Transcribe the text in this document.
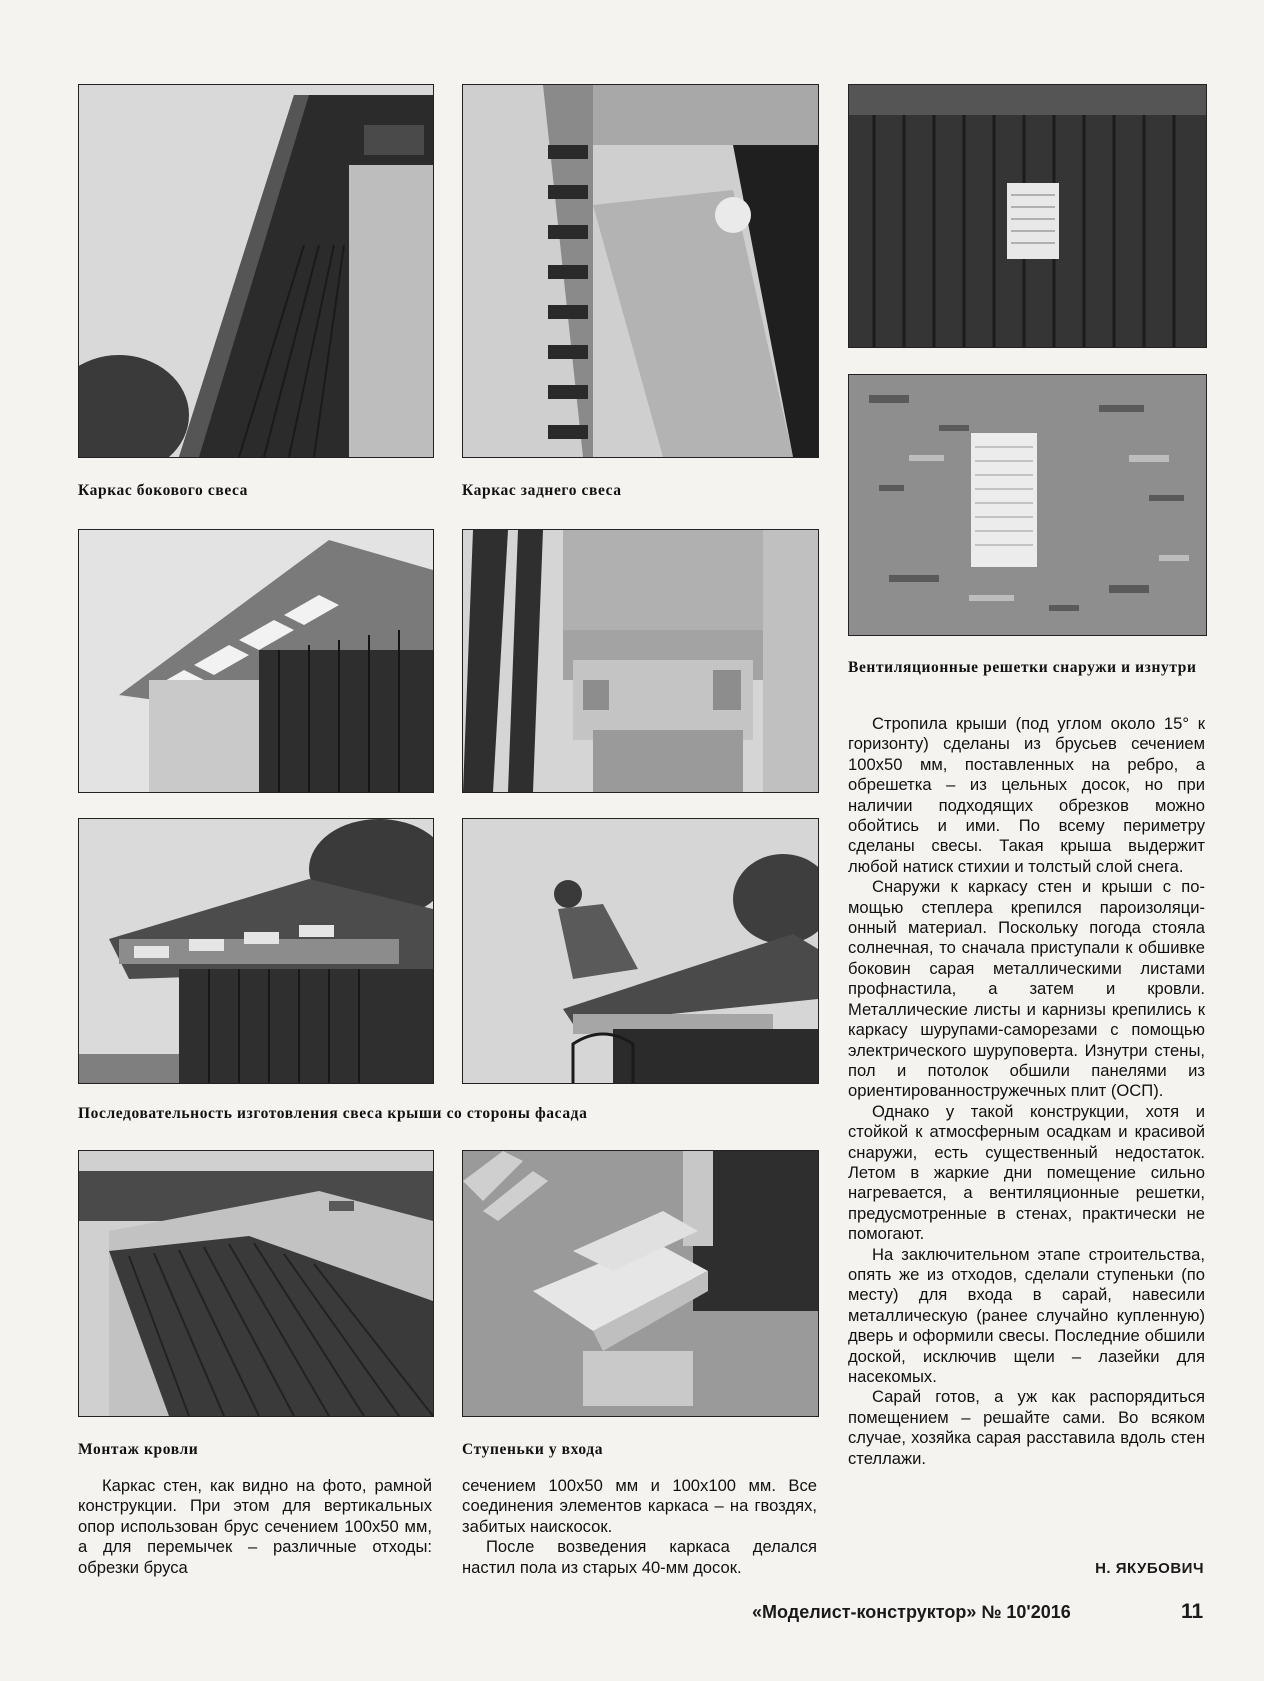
Каркас бокового свеса	Каркас заднего свеса
Вентиляционные решетки снаружи и изнутри
Последовательность изготовления свеса крыши со стороны фасада
Монтаж кровли	Ступеньки у входа

Каркас стен, как видно на фото, рамной конструкции. При этом для вертикальных опор использован брус сечением 100х50 мм, а для перемычек – различные отходы: обрезки бруса

сечением 100х50 мм и 100х100 мм. Все соединения элементов каркаса – на гвоздях, забитых наискосок.

После возведения каркаса делался настил пола из старых 40-мм досок.

Стропила крыши (под углом около 15° к горизонту) сделаны из брусьев сечением 100х50 мм, поставленных на ребро, а обрешетка – из цельных досок, но при наличии подходящих обрезков можно обойтись и ими. По всему периметру сделаны свесы. Такая крыша выдержит любой натиск стихии и толстый слой снега.

Снаружи к каркасу стен и крыши с помощью степлера крепился пароизоляционный материал. Поскольку погода стояла солнечная, то сначала приступали к обшивке боковин сарая металлическими листами профнастила, а затем и кровли. Металлические листы и карнизы крепились к каркасу шурупами-саморезами с помощью электрического шуруповерта. Изнутри стены, пол и потолок обшили панелями из ориентированностружечных плит (ОСП).

Однако у такой конструкции, хотя и стойкой к атмосферным осадкам и красивой снаружи, есть существенный недостаток. Летом в жаркие дни помещение сильно нагревается, а вентиляционные решетки, предусмотренные в стенах, практически не помогают.

На заключительном этапе строительства, опять же из отходов, сделали ступеньки (по месту) для входа в сарай, навесили металлическую (ранее случайно купленную) дверь и оформили свесы. Последние обшили доской, исключив щели – лазейки для насекомых.

Сарай готов, а уж как распорядиться помещением – решайте сами. Во всяком случае, хозяйка сарая расставила вдоль стен стеллажи.

Н. ЯКУБОВИЧ
«Моделист-конструктор» № 10'2016	11
